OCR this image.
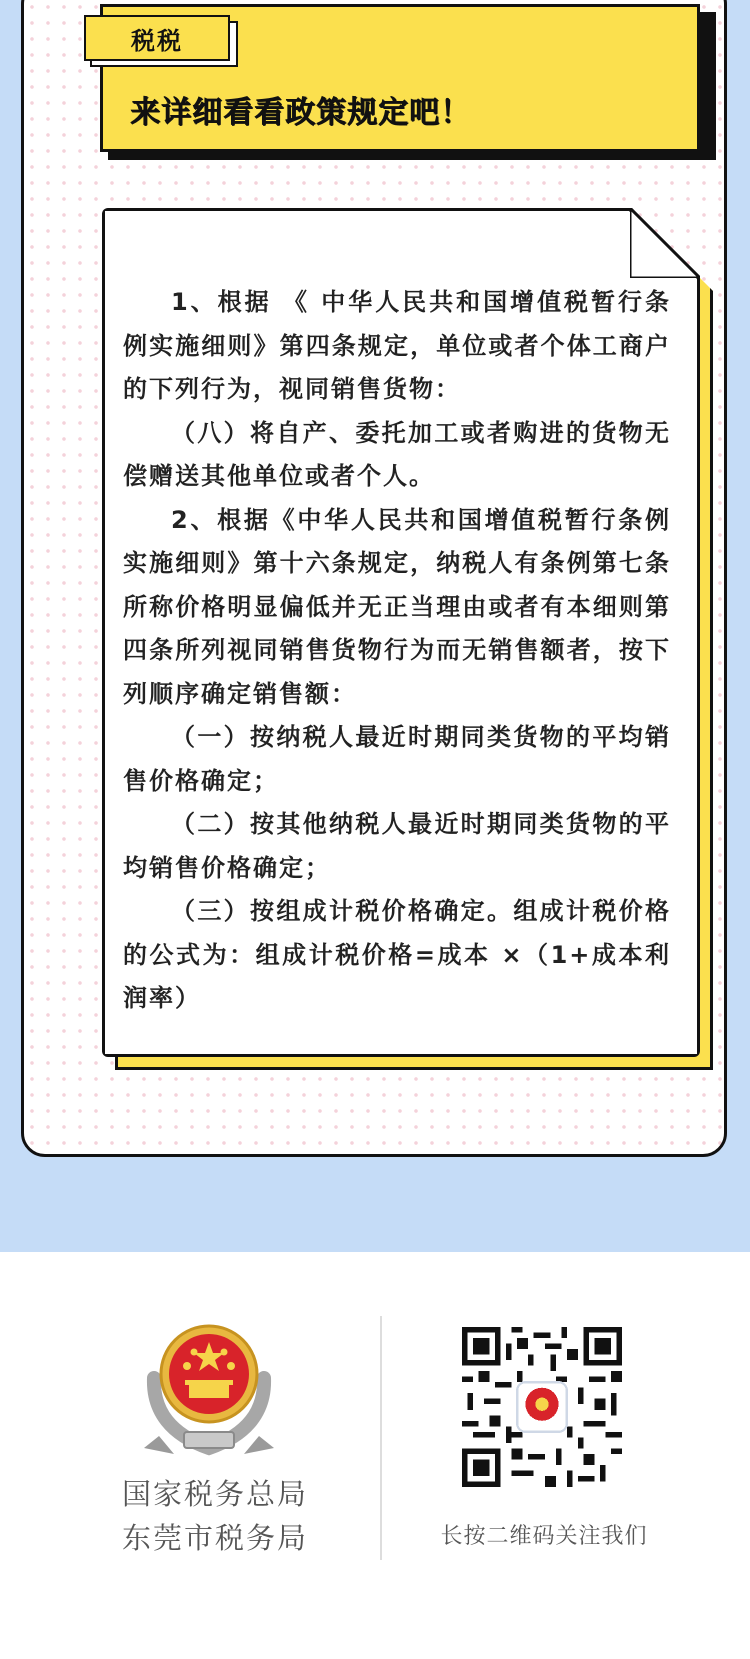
税税
来详细看看政策规定吧！

1、根据 《 中华人民共和国增值税暂行条例实施细则》第四条规定，单位或者个体工商户的下列行为，视同销售货物：

（八）将自产、委托加工或者购进的货物无偿赠送其他单位或者个人。

2、根据《中华人民共和国增值税暂行条例实施细则》第十六条规定，纳税人有条例第七条所称价格明显偏低并无正当理由或者有本细则第四条所列视同销售货物行为而无销售额者，按下列顺序确定销售额：

（一）按纳税人最近时期同类货物的平均销售价格确定；

（二）按其他纳税人最近时期同类货物的平均销售价格确定；

（三）按组成计税价格确定。组成计税价格的公式为：组成计税价格=成本 ×（1+成本利润率）

国家税务总局
东莞市税务局	长按二维码关注我们
